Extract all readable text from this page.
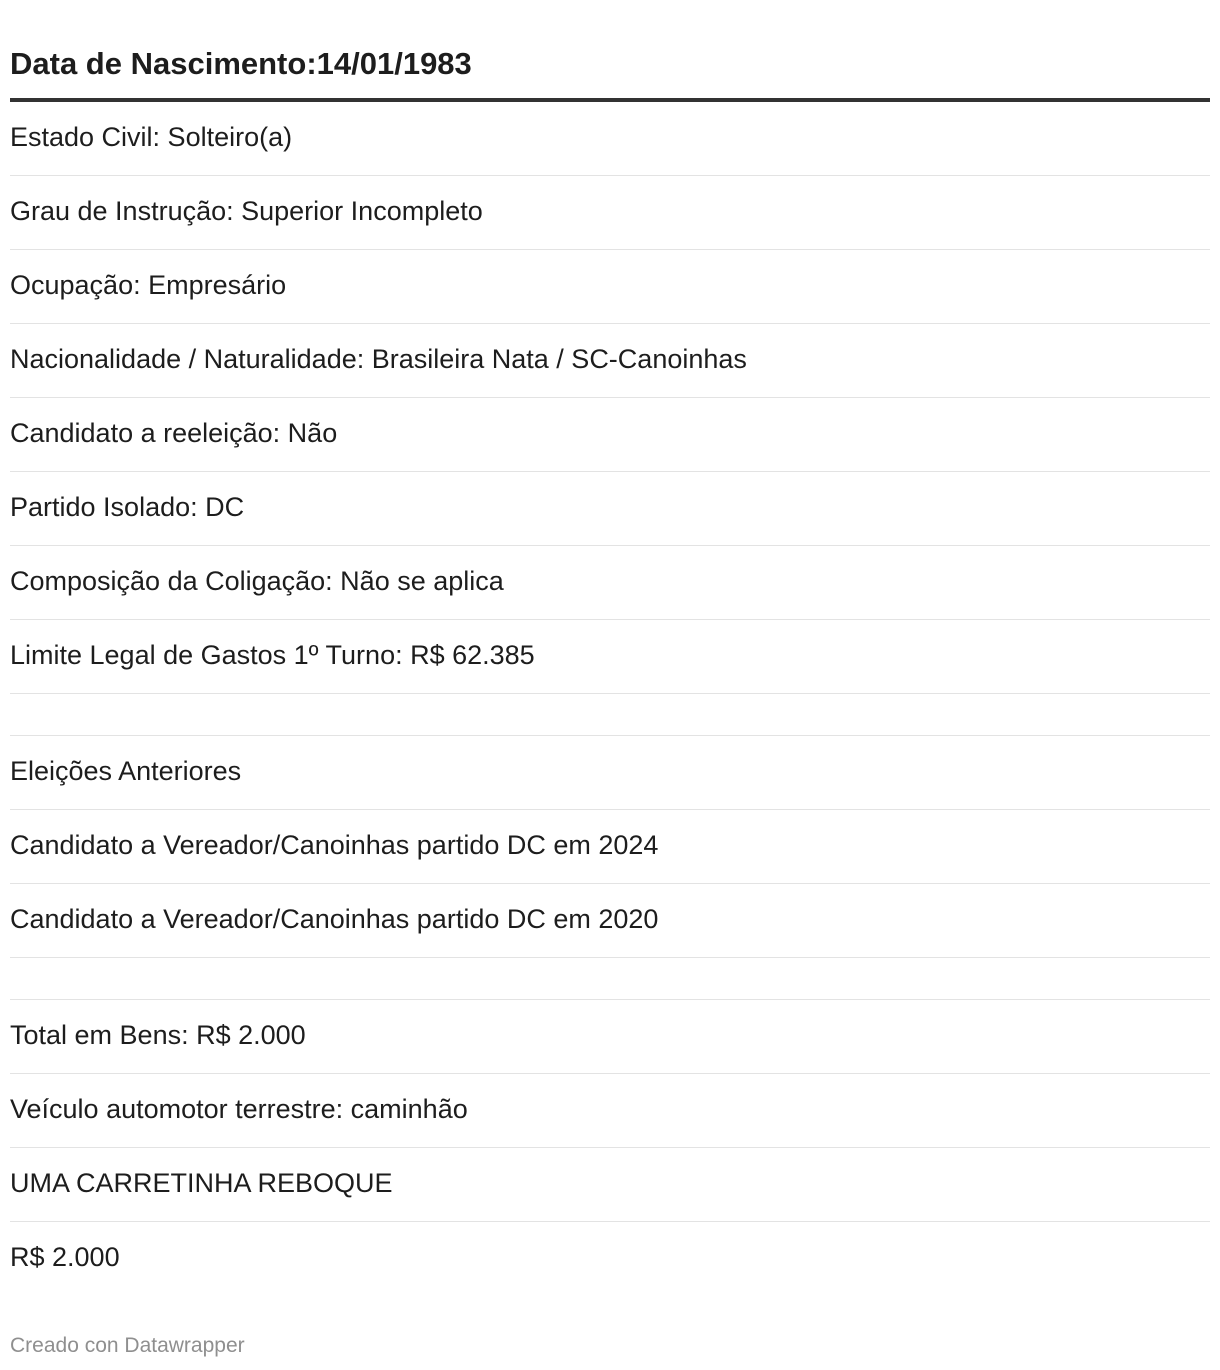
Data de Nascimento:14/01/1983
Estado Civil: Solteiro(a)
Grau de Instrução: Superior Incompleto
Ocupação: Empresário
Nacionalidade / Naturalidade: Brasileira Nata / SC-Canoinhas
Candidato a reeleição: Não
Partido Isolado: DC
Composição da Coligação: Não se aplica
Limite Legal de Gastos 1º Turno: R$ 62.385
Eleições Anteriores
Candidato a Vereador/Canoinhas partido DC em 2024
Candidato a Vereador/Canoinhas partido DC em 2020
Total em Bens: R$ 2.000
Veículo automotor terrestre: caminhão
UMA CARRETINHA REBOQUE
R$ 2.000
Creado con Datawrapper
